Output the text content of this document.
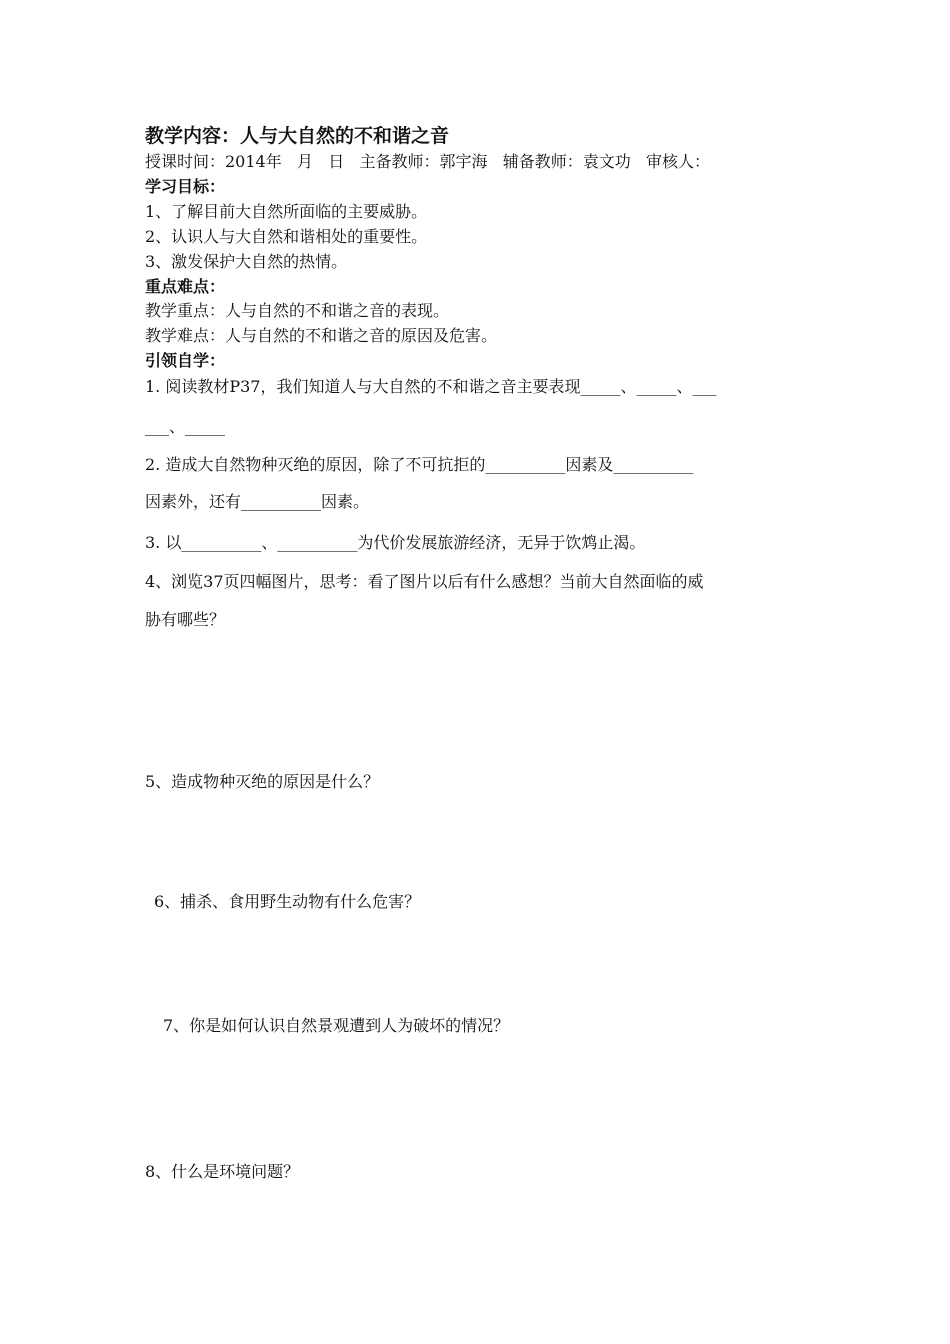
教学内容：人与大自然的不和谐之音
授课时间：2014年   月   日   主备教师：郭宇海   辅备教师：袁文功   审核人：
学习目标：
1、了解目前大自然所面临的主要威胁。
2、认识人与大自然和谐相处的重要性。
3、激发保护大自然的热情。
重点难点：
教学重点：人与自然的不和谐之音的表现。
教学难点：人与自然的不和谐之音的原因及危害。
引领自学：
1. 阅读教材P37，我们知道人与大自然的不和谐之音主要表现_____、_____、___
___、_____
2. 造成大自然物种灭绝的原因，除了不可抗拒的__________因素及__________
因素外，还有__________因素。
3. 以__________、__________为代价发展旅游经济，无异于饮鸩止渴。
4、浏览37页四幅图片，思考：看了图片以后有什么感想？当前大自然面临的威
胁有哪些？
5、造成物种灭绝的原因是什么？
6、捕杀、食用野生动物有什么危害？
7、你是如何认识自然景观遭到人为破坏的情况？
8、什么是环境问题？
